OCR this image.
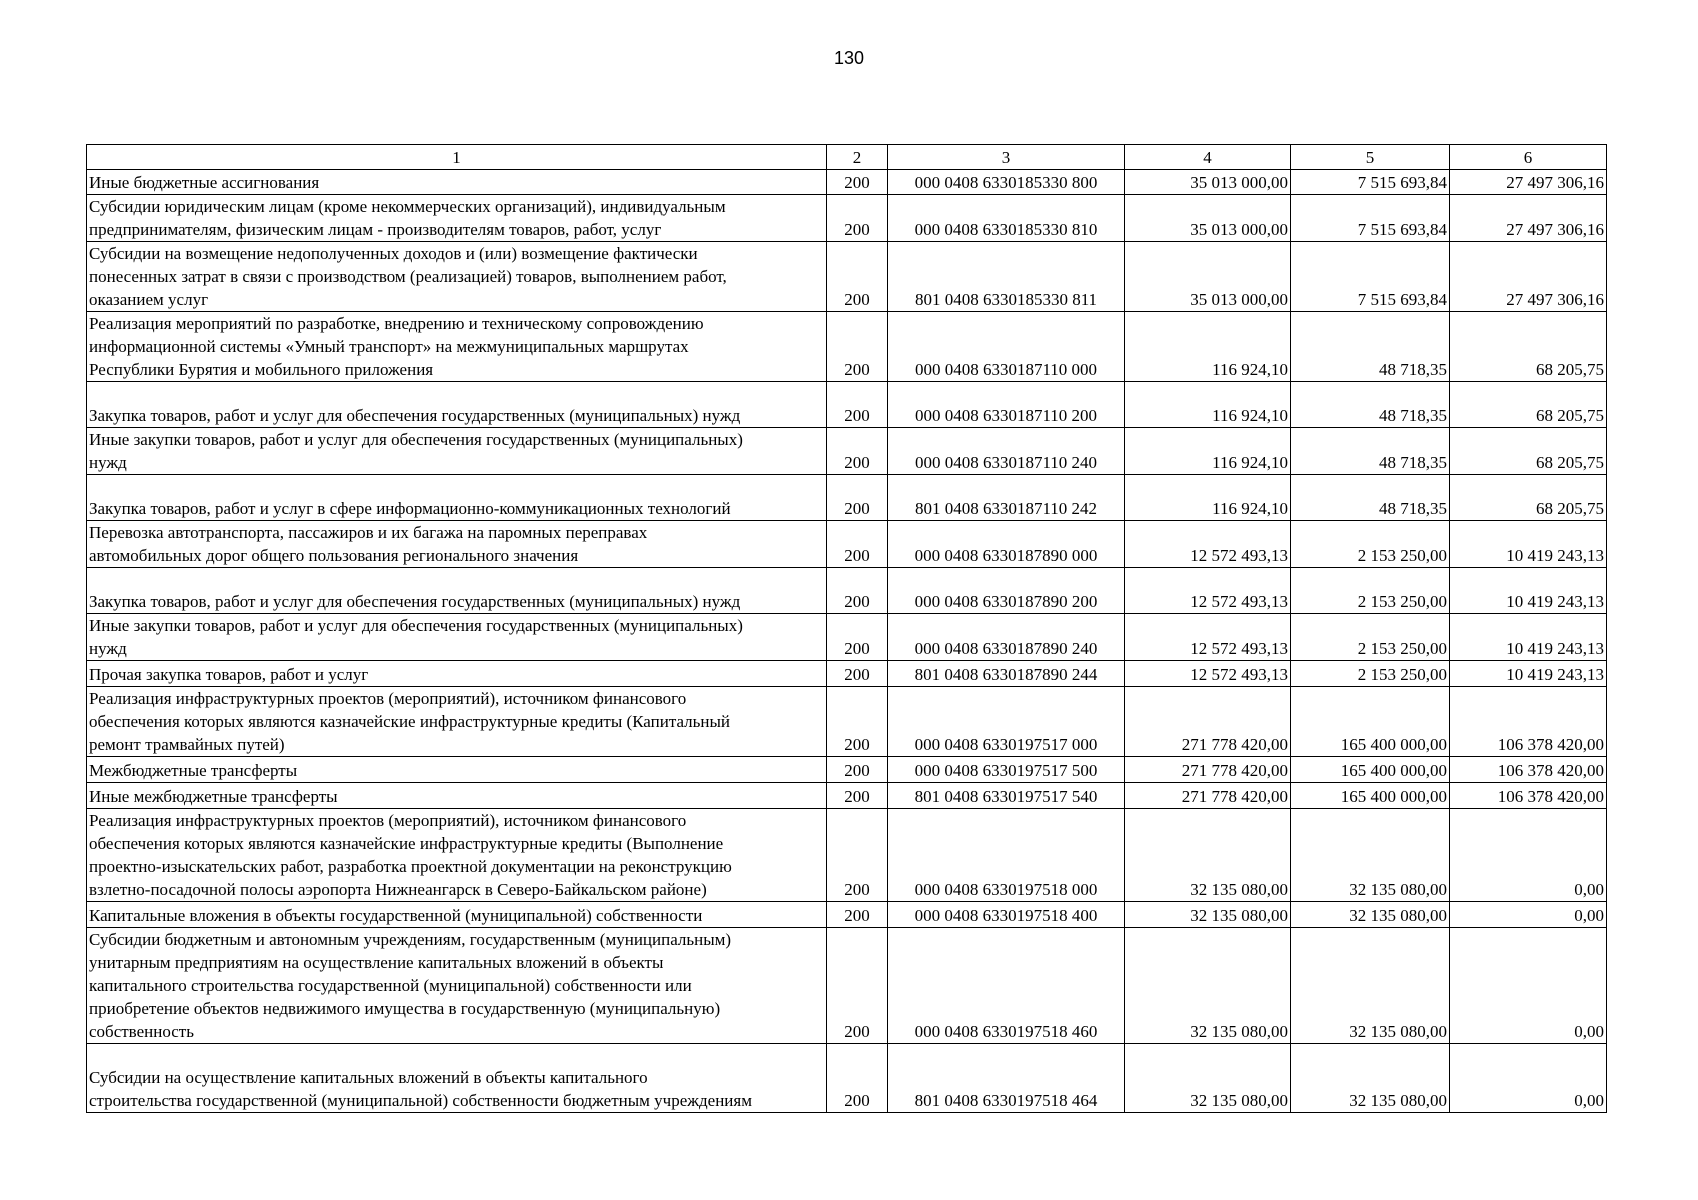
130
1	2	3	4	5	6
Иные бюджетные ассигнования	200	000 0408 6330185330 800	35 013 000,00	7 515 693,84	27 497 306,16
Субсидии юридическим лицам (кроме некоммерческих организаций), индивидуальным
предпринимателям, физическим лицам - производителям товаров, работ, услуг	200	000 0408 6330185330 810	35 013 000,00	7 515 693,84	27 497 306,16
Субсидии на возмещение недополученных доходов и (или) возмещение фактически
понесенных затрат в связи с производством (реализацией) товаров, выполнением работ,
оказанием услуг	200	801 0408 6330185330 811	35 013 000,00	7 515 693,84	27 497 306,16
Реализация мероприятий по разработке, внедрению и техническому сопровождению
информационной системы «Умный транспорт» на межмуниципальных маршрутах
Республики Бурятия и мобильного приложения	200	000 0408 6330187110 000	116 924,10	48 718,35	68 205,75
Закупка товаров, работ и услуг для обеспечения государственных (муниципальных) нужд	200	000 0408 6330187110 200	116 924,10	48 718,35	68 205,75
Иные закупки товаров, работ и услуг для обеспечения государственных (муниципальных)
нужд	200	000 0408 6330187110 240	116 924,10	48 718,35	68 205,75
Закупка товаров, работ и услуг в сфере информационно-коммуникационных технологий	200	801 0408 6330187110 242	116 924,10	48 718,35	68 205,75
Перевозка автотранспорта, пассажиров и их багажа на паромных переправах
автомобильных дорог общего пользования регионального значения	200	000 0408 6330187890 000	12 572 493,13	2 153 250,00	10 419 243,13
Закупка товаров, работ и услуг для обеспечения государственных (муниципальных) нужд	200	000 0408 6330187890 200	12 572 493,13	2 153 250,00	10 419 243,13
Иные закупки товаров, работ и услуг для обеспечения государственных (муниципальных)
нужд	200	000 0408 6330187890 240	12 572 493,13	2 153 250,00	10 419 243,13
Прочая закупка товаров, работ и услуг	200	801 0408 6330187890 244	12 572 493,13	2 153 250,00	10 419 243,13
Реализация инфраструктурных проектов (мероприятий), источником финансового
обеспечения которых являются казначейские инфраструктурные кредиты (Капитальный
ремонт трамвайных путей)	200	000 0408 6330197517 000	271 778 420,00	165 400 000,00	106 378 420,00
Межбюджетные трансферты	200	000 0408 6330197517 500	271 778 420,00	165 400 000,00	106 378 420,00
Иные межбюджетные трансферты	200	801 0408 6330197517 540	271 778 420,00	165 400 000,00	106 378 420,00
Реализация инфраструктурных проектов (мероприятий), источником финансового
обеспечения которых являются казначейские инфраструктурные кредиты (Выполнение
проектно-изыскательских работ, разработка проектной документации на реконструкцию
взлетно-посадочной полосы аэропорта Нижнеангарск в Северо-Байкальском районе)	200	000 0408 6330197518 000	32 135 080,00	32 135 080,00	0,00
Капитальные вложения в объекты государственной (муниципальной) собственности	200	000 0408 6330197518 400	32 135 080,00	32 135 080,00	0,00
Субсидии бюджетным и автономным учреждениям, государственным (муниципальным)
унитарным предприятиям на осуществление капитальных вложений в объекты
капитального строительства государственной (муниципальной) собственности или
приобретение объектов недвижимого имущества в государственную (муниципальную)
собственность	200	000 0408 6330197518 460	32 135 080,00	32 135 080,00	0,00
Субсидии на осуществление капитальных вложений в объекты капитального
строительства государственной (муниципальной) собственности бюджетным учреждениям	200	801 0408 6330197518 464	32 135 080,00	32 135 080,00	0,00
